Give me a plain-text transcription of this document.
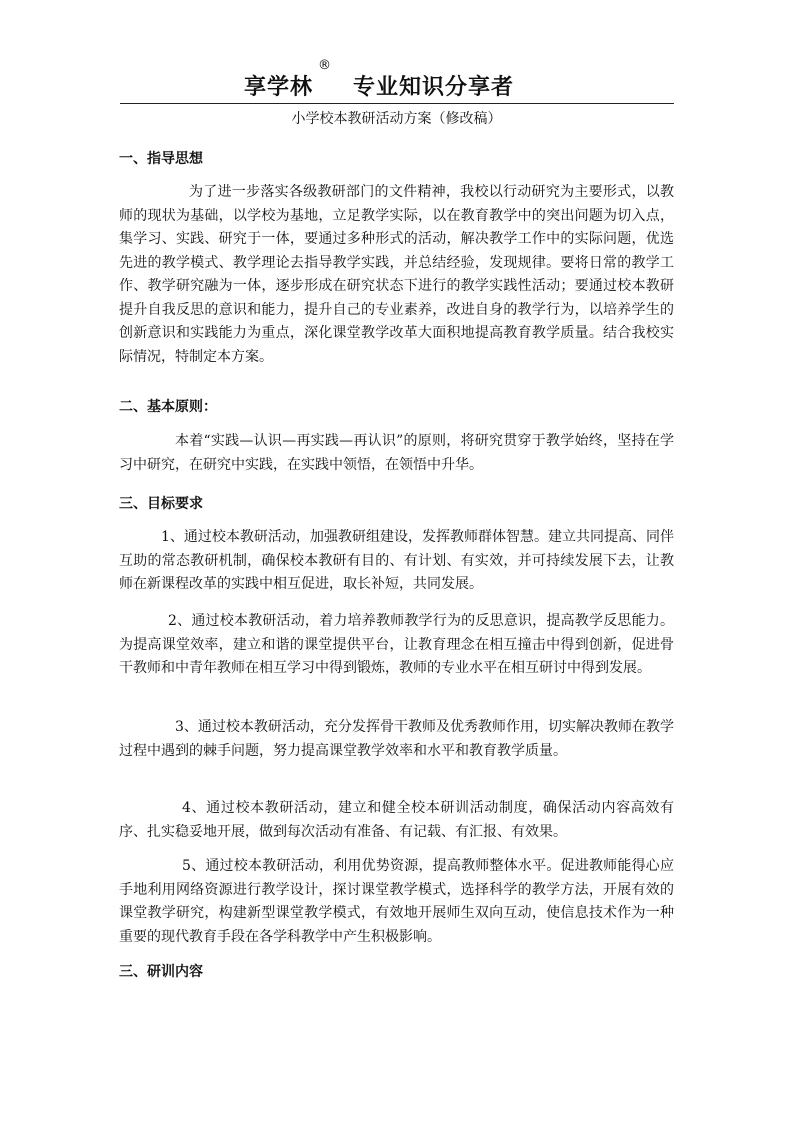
享学林
®
专业知识分享者
小学校本教研活动方案（修改稿）
一、指导思想

为了进一步落实各级教研部门的文件精神，我校以行动研究为主要形式，以教师的现状为基础，以学校为基地，立足教学实际，以在教育教学中的突出问题为切入点，集学习、实践、研究于一体，要通过多种形式的活动，解决教学工作中的实际问题，优选先进的教学模式、教学理论去指导教学实践，并总结经验，发现规律。要将日常的教学工作、教学研究融为一体，逐步形成在研究状态下进行的教学实践性活动；要通过校本教研提升自我反思的意识和能力，提升自己的专业素养，改进自身的教学行为，以培养学生的创新意识和实践能力为重点，深化课堂教学改革大面积地提高教育教学质量。结合我校实际情况，特制定本方案。

二、基本原则：

本着“实践—认识—再实践—再认识”的原则，将研究贯穿于教学始终，坚持在学习中研究，在研究中实践，在实践中领悟，在领悟中升华。

三、目标要求

1、通过校本教研活动，加强教研组建设，发挥教师群体智慧。建立共同提高、同伴互助的常态教研机制，确保校本教研有目的、有计划、有实效，并可持续发展下去，让教师在新课程改革的实践中相互促进，取长补短，共同发展。

2、通过校本教研活动，着力培养教师教学行为的反思意识，提高教学反思能力。为提高课堂效率，建立和谐的课堂提供平台，让教育理念在相互撞击中得到创新，促进骨干教师和中青年教师在相互学习中得到锻炼，教师的专业水平在相互研讨中得到发展。

3、通过校本教研活动，充分发挥骨干教师及优秀教师作用，切实解决教师在教学过程中遇到的棘手问题，努力提高课堂教学效率和水平和教育教学质量。

4、通过校本教研活动，建立和健全校本研训活动制度，确保活动内容高效有序、扎实稳妥地开展，做到每次活动有准备、有记载、有汇报、有效果。

5、通过校本教研活动，利用优势资源，提高教师整体水平。促进教师能得心应手地利用网络资源进行教学设计，探讨课堂教学模式，选择科学的教学方法，开展有效的课堂教学研究，构建新型课堂教学模式，有效地开展师生双向互动，使信息技术作为一种重要的现代教育手段在各学科教学中产生积极影响。

三、研训内容
